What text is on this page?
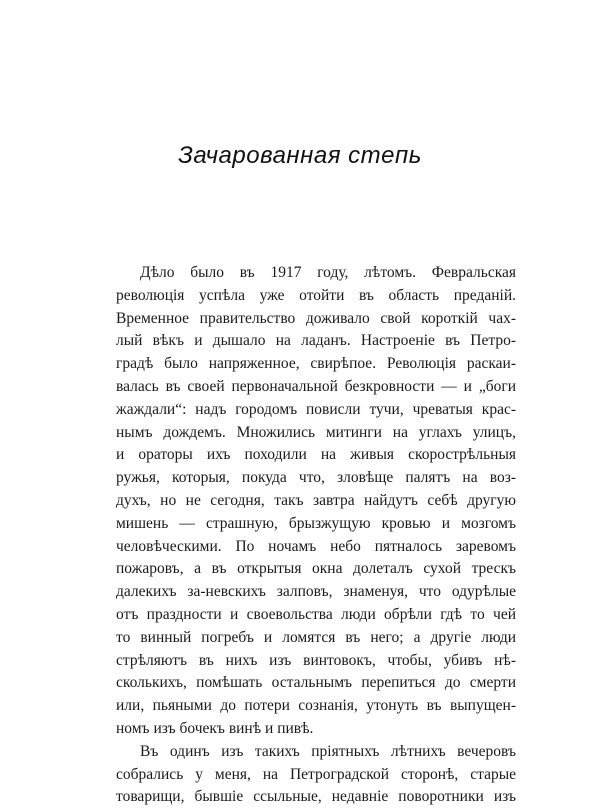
Зачарованная степь
Дѣло было въ 1917 году, лѣтомъ. Февральская
революція успѣла уже отойти въ область преданій.
Временное правительство доживало свой короткій чах-
лый вѣкъ и дышало на ладанъ. Настроеніе въ Петро-
градѣ было напряженное, свирѣпое. Революція раскаи-
валась въ своей первоначальной безкровности — и „боги
жаждали“: надъ городомъ повисли тучи, чреватыя крас-
нымъ дождемъ. Множились митинги на углахъ улицъ,
и ораторы ихъ походили на живыя скорострѣльныя
ружья, которыя, покуда что, зловѣще палятъ на воз-
духъ, но не сегодня, такъ завтра найдутъ себѣ другую
мишень — страшную, брызжущую кровью и мозгомъ
человѣческими. По ночамъ небо пятналось заревомъ
пожаровъ, а въ открытыя окна долеталъ сухой трескъ
далекихъ за-невскихъ залповъ, знаменуя, что одурѣлые
отъ праздности и своевольства люди обрѣли гдѣ то чей
то винный погребъ и ломятся въ него; а другіе люди
стрѣляютъ въ нихъ изъ винтовокъ, чтобы, убивъ нѣ-
сколькихъ, помѣшать остальнымъ перепиться до смерти
или, пьяными до потери сознанія, утонуть въ выпущен-
номъ изъ бочекъ винѣ и пивѣ.
Въ одинъ изъ такихъ пріятныхъ лѣтнихъ вечеровъ
собрались у меня, на Петроградской сторонѣ, старые
товарищи, бывшіе ссыльные, недавніе поворотники изъ
